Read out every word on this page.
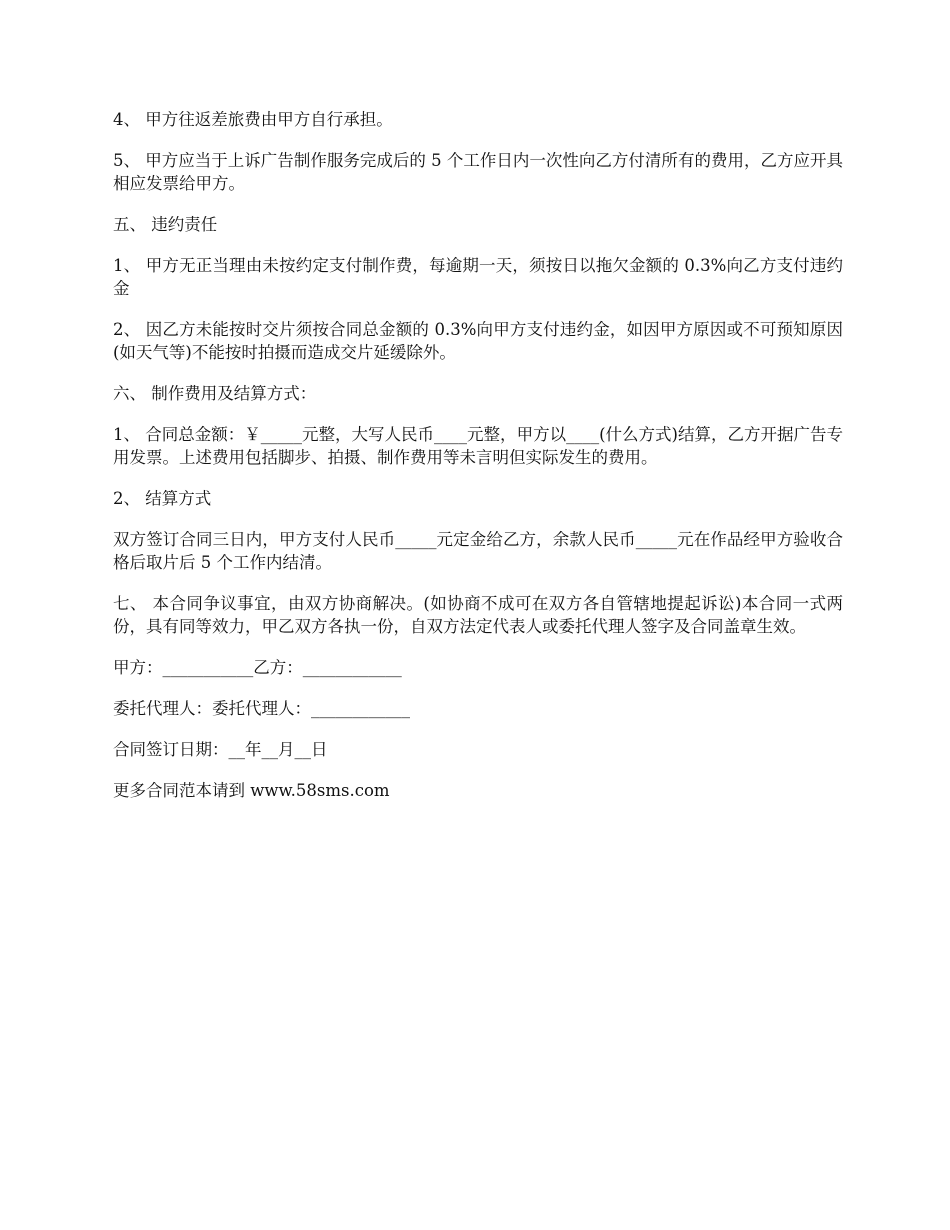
4、 甲方往返差旅费由甲方自行承担。

5、 甲方应当于上诉广告制作服务完成后的 5 个工作日内一次性向乙方付清所有的费用，乙方应开具相应发票给甲方。

五、 违约责任

1、 甲方无正当理由未按约定支付制作费，每逾期一天，须按日以拖欠金额的 0.3%向乙方支付违约金

2、 因乙方未能按时交片须按合同总金额的 0.3%向甲方支付违约金，如因甲方原因或不可预知原因(如天气等)不能按时拍摄而造成交片延缓除外。

六、 制作费用及结算方式：

1、 合同总金额：￥_____元整，大写人民币____元整，甲方以____(什么方式)结算，乙方开据广告专用发票。上述费用包括脚步、拍摄、制作费用等未言明但实际发生的费用。

2、 结算方式

双方签订合同三日内，甲方支付人民币_____元定金给乙方，余款人民币_____元在作品经甲方验收合格后取片后 5 个工作内结清。

七、 本合同争议事宜，由双方协商解决。(如协商不成可在双方各自管辖地提起诉讼)本合同一式两份，具有同等效力，甲乙双方各执一份，自双方法定代表人或委托代理人签字及合同盖章生效。

甲方：___________乙方：____________

委托代理人：委托代理人：____________

合同签订日期：__年__月__日

更多合同范本请到 www.58sms.com
